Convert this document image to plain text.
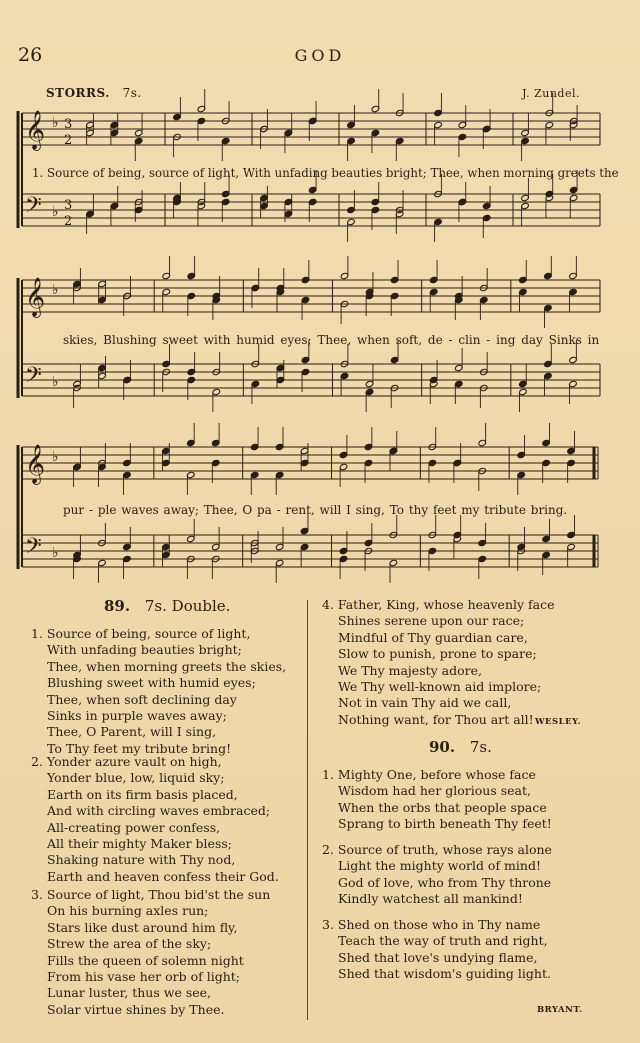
26	GOD
STORRS. 7s.	J. Zundel.
𝄞
𝄢
♭
♭
3
2
3
2
𝄞
𝄢
♭
♭
𝄞
𝄢
♭
♭
1. Source of being, source of light, With unfading beauties bright; Thee, when morning greets the
skies, Blushing sweet with humid eyes; Thee, when soft, de - clin - ing day Sinks in
pur - ple waves away; Thee, O pa - rent, will I sing, To thy feet my tribute bring.
89. 7s. Double.
1. Source of being, source of light,
With unfading beauties bright;
Thee, when morning greets the skies,
Blushing sweet with humid eyes;
Thee, when soft declining day
Sinks in purple waves away;
Thee, O Parent, will I sing,
To Thy feet my tribute bring!
2. Yonder azure vault on high,
Yonder blue, low, liquid sky;
Earth on its firm basis placed,
And with circling waves embraced;
All-creating power confess,
All their mighty Maker bless;
Shaking nature with Thy nod,
Earth and heaven confess their God.
3. Source of light, Thou bid'st the sun
On his burning axles run;
Stars like dust around him fly,
Strew the area of the sky;
Fills the queen of solemn night
From his vase her orb of light;
Lunar luster, thus we see,
Solar virtue shines by Thee.
4. Father, King, whose heavenly face
Shines serene upon our race;
Mindful of Thy guardian care,
Slow to punish, prone to spare;
We Thy majesty adore,
We Thy well-known aid implore;
Not in vain Thy aid we call,
Nothing want, for Thou art all! WESLEY.
90. 7s.
1. Mighty One, before whose face
Wisdom had her glorious seat,
When the orbs that people space
Sprang to birth beneath Thy feet!
2. Source of truth, whose rays alone
Light the mighty world of mind!
God of love, who from Thy throne
Kindly watchest all mankind!
3. Shed on those who in Thy name
Teach the way of truth and right,
Shed that love's undying flame,
Shed that wisdom's guiding light.
BRYANT.
